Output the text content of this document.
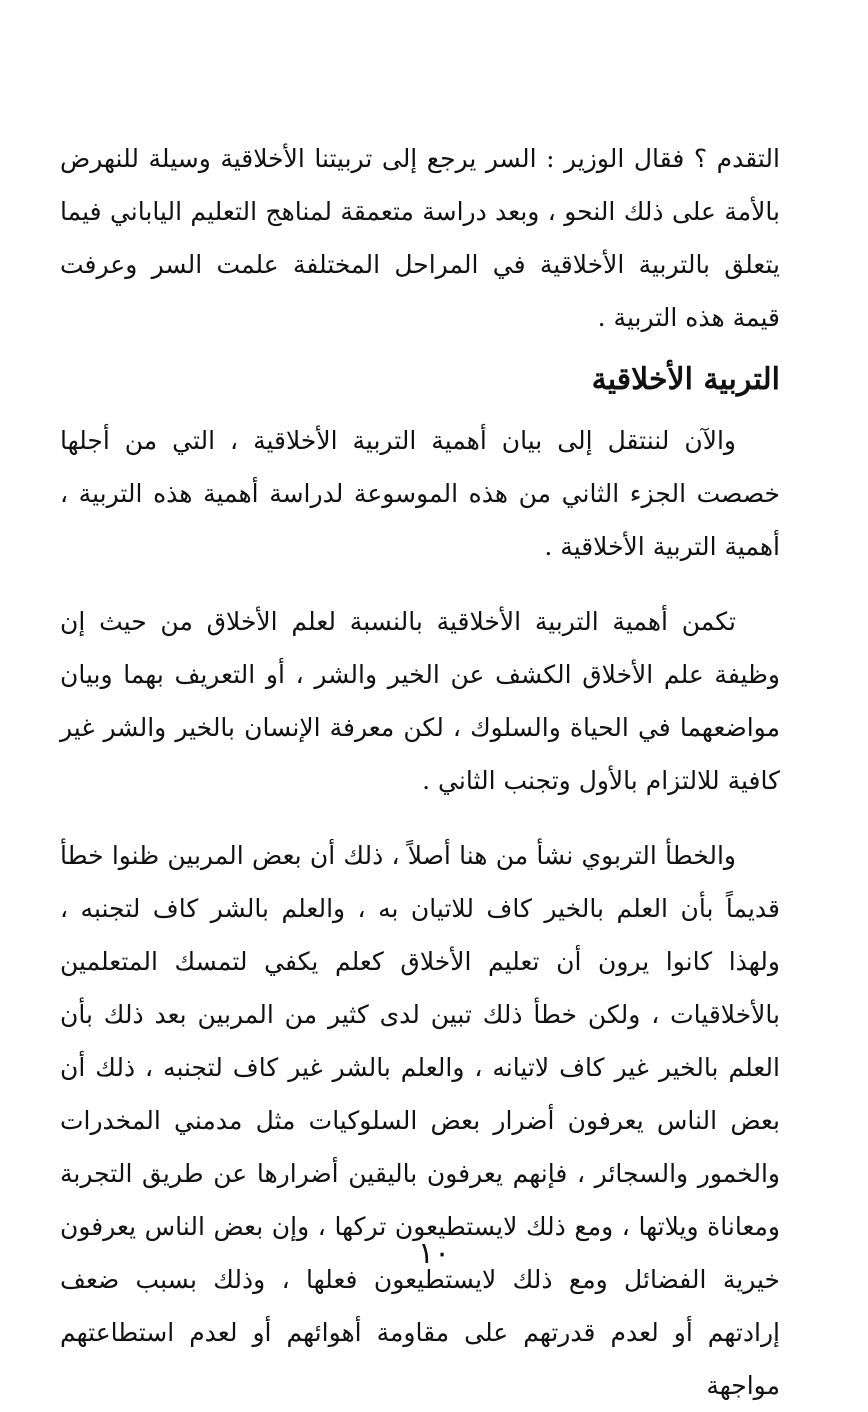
التقدم ؟ فقال الوزير : السر يرجع إلى تربيتنا الأخلاقية وسيلة للنهرض بالأمة على ذلك النحو ، وبعد دراسة متعمقة لمناهج التعليم الياباني فيما يتعلق بالتربية الأخلاقية في المراحل المختلفة علمت السر وعرفت قيمة هذه التربية .

التربية الأخلاقية

والآن لننتقل إلى بيان أهمية التربية الأخلاقية ، التي من أجلها خصصت الجزء الثاني من هذه الموسوعة لدراسة أهمية هذه التربية ، أهمية التربية الأخلاقية .

تكمن أهمية التربية الأخلاقية بالنسبة لعلم الأخلاق من حيث إن وظيفة علم الأخلاق الكشف عن الخير والشر ، أو التعريف بهما وبيان مواضعهما في الحياة والسلوك ، لكن معرفة الإنسان بالخير والشر غير كافية للالتزام بالأول وتجنب الثاني .

والخطأ التربوي نشأ من هنا أصلاً ، ذلك أن بعض المربين ظنوا خطأ قديماً بأن العلم بالخير كاف للاتيان به ، والعلم بالشر كاف لتجنبه ، ولهذا كانوا يرون أن تعليم الأخلاق كعلم يكفي لتمسك المتعلمين بالأخلاقيات ، ولكن خطأ ذلك تبين لدى كثير من المربين بعد ذلك بأن العلم بالخير غير كاف لاتيانه ، والعلم بالشر غير كاف لتجنبه ، ذلك أن بعض الناس يعرفون أضرار بعض السلوكيات مثل مدمني المخدرات والخمور والسجائر ، فإنهم يعرفون باليقين أضرارها عن طريق التجربة ومعاناة ويلاتها ، ومع ذلك لايستطيعون تركها ، وإن بعض الناس يعرفون خيرية الفضائل ومع ذلك لايستطيعون فعلها ، وذلك بسبب ضعف إرادتهم أو لعدم قدرتهم على مقاومة أهوائهم أو لعدم استطاعتهم مواجهة

١٠
